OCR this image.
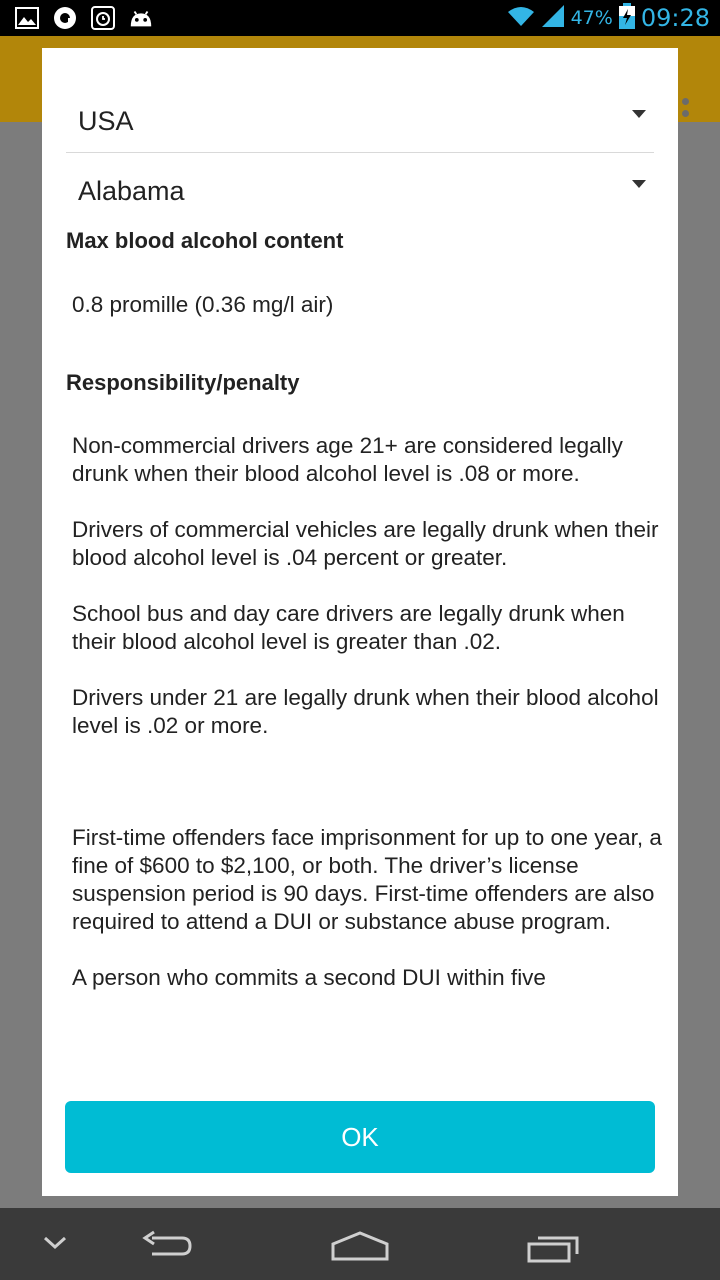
47% 09:28
USA
Alabama
Max blood alcohol content
0.8 promille (0.36 mg/l air)
Responsibility/penalty

Non-commercial drivers age 21+ are considered legally drunk when their blood alcohol level is .08 or more.

Drivers of commercial vehicles are legally drunk when their blood alcohol level is .04 percent or greater.

School bus and day care drivers are legally drunk when their blood alcohol level is greater than .02.

Drivers under 21 are legally drunk when their blood alcohol level is .02 or more.

First-time offenders face imprisonment for up to one year, a fine of $600 to $2,100, or both. The driver’s license suspension period is 90 days. First-time offenders are also required to attend a DUI or substance abuse program.

A person who commits a second DUI within five

OK
